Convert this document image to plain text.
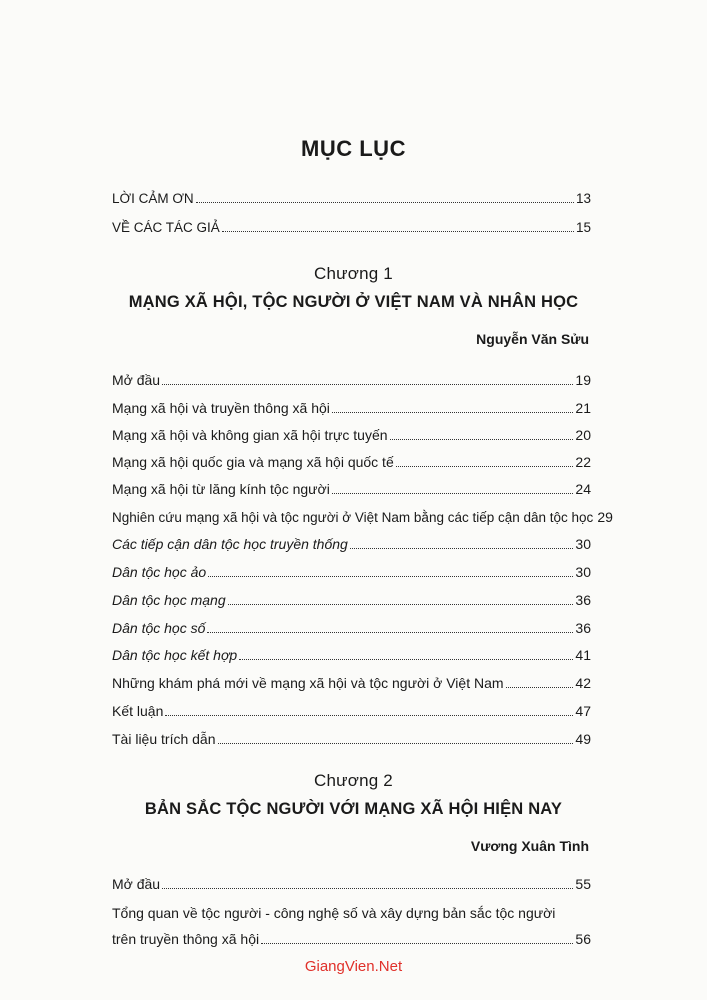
MỤC LỤC
LỜI CẢM ƠN	13
VỀ CÁC TÁC GIẢ	15
Chương 1
MẠNG XÃ HỘI, TỘC NGƯỜI Ở VIỆT NAM VÀ NHÂN HỌC
Nguyễn Văn Sửu
Mở đầu	19
Mạng xã hội và truyền thông xã hội	21
Mạng xã hội và không gian xã hội trực tuyến	20
Mạng xã hội quốc gia và mạng xã hội quốc tế	22
Mạng xã hội từ lăng kính tộc người	24
Nghiên cứu mạng xã hội và tộc người ở Việt Nam bằng các tiếp cận dân tộc học 29
Các tiếp cận dân tộc học truyền thống	30
Dân tộc học ảo	30
Dân tộc học mạng	36
Dân tộc học số	36
Dân tộc học kết hợp	41
Những khám phá mới về mạng xã hội và tộc người ở Việt Nam	42
Kết luận	47
Tài liệu trích dẫn	49
Chương 2
BẢN SẮC TỘC NGƯỜI VỚI MẠNG XÃ HỘI HIỆN NAY
Vương Xuân Tình
Mở đầu	55
Tổng quan về tộc người - công nghệ số và xây dựng bản sắc tộc người
trên truyền thông xã hội	56
GiangVien.Net
